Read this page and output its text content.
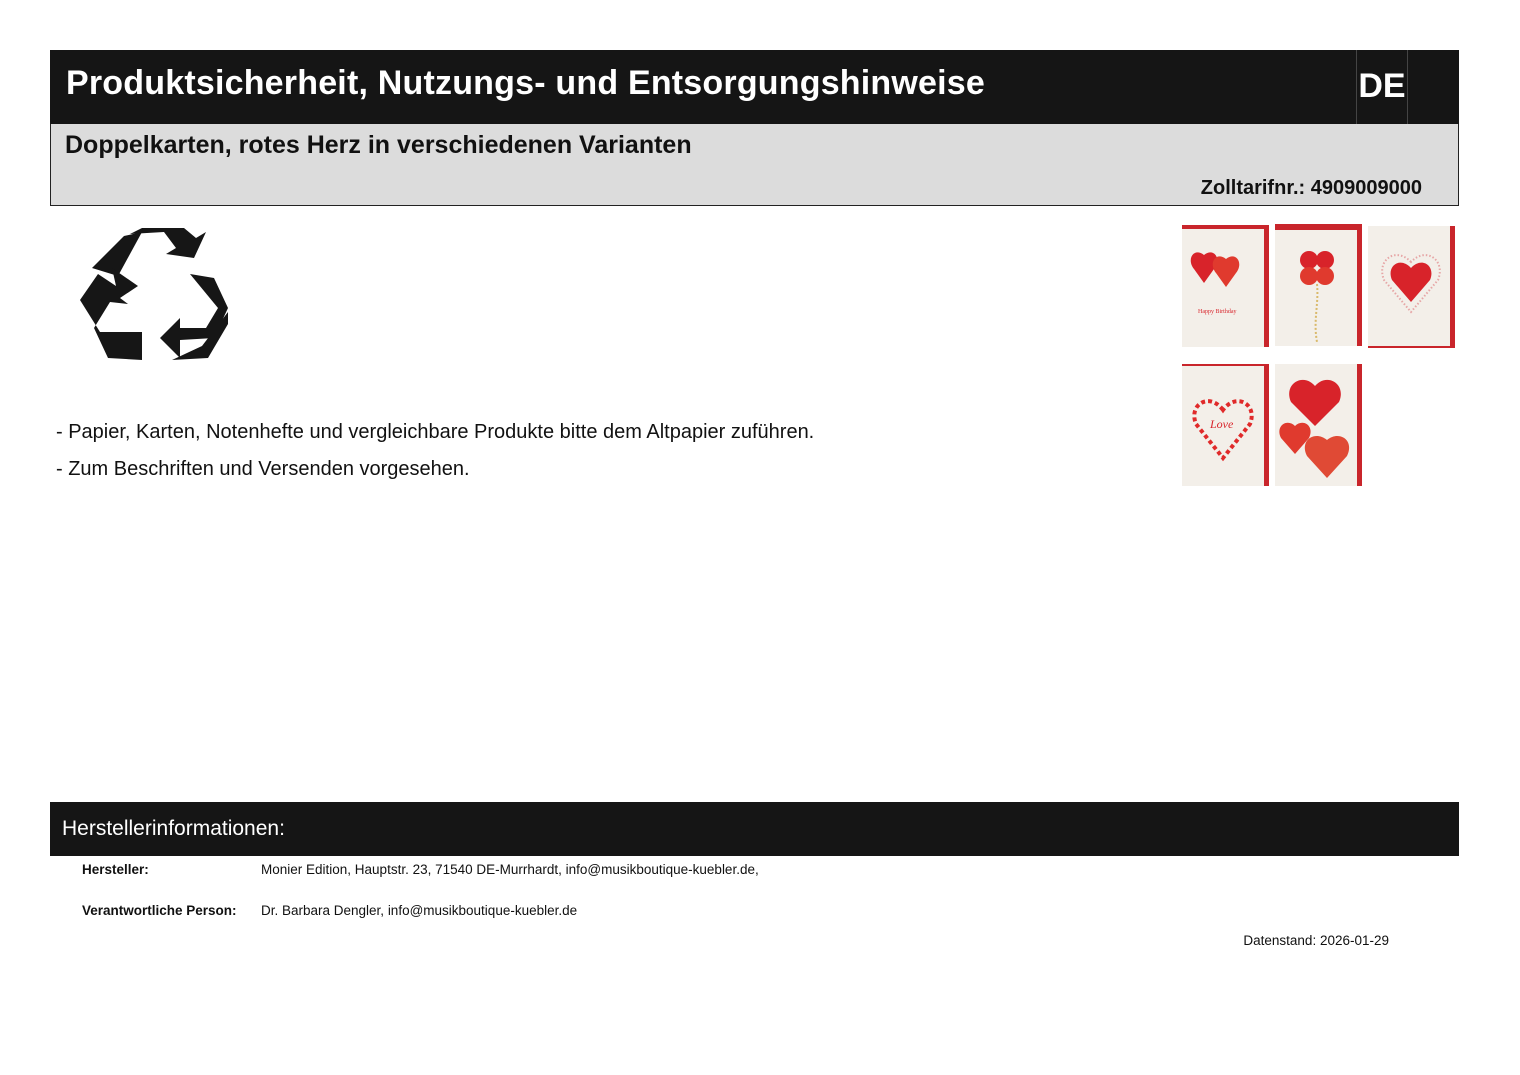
Produktsicherheit, Nutzungs- und Entsorgungshinweise	DE
Doppelkarten, rotes Herz in verschiedenen Varianten
Zolltarifnr.: 4909009000
- Papier, Karten, Notenhefte und vergleichbare Produkte bitte dem Altpapier zuführen.
- Zum Beschriften und Versenden vorgesehen.
Happy Birthday
Love
Herstellerinformationen:
Hersteller:	Monier Edition, Hauptstr. 23, 71540 DE-Murrhardt, info@musikboutique-kuebler.de,
Verantwortliche Person: Dr. Barbara Dengler, info@musikboutique-kuebler.de
Datenstand: 2026-01-29
